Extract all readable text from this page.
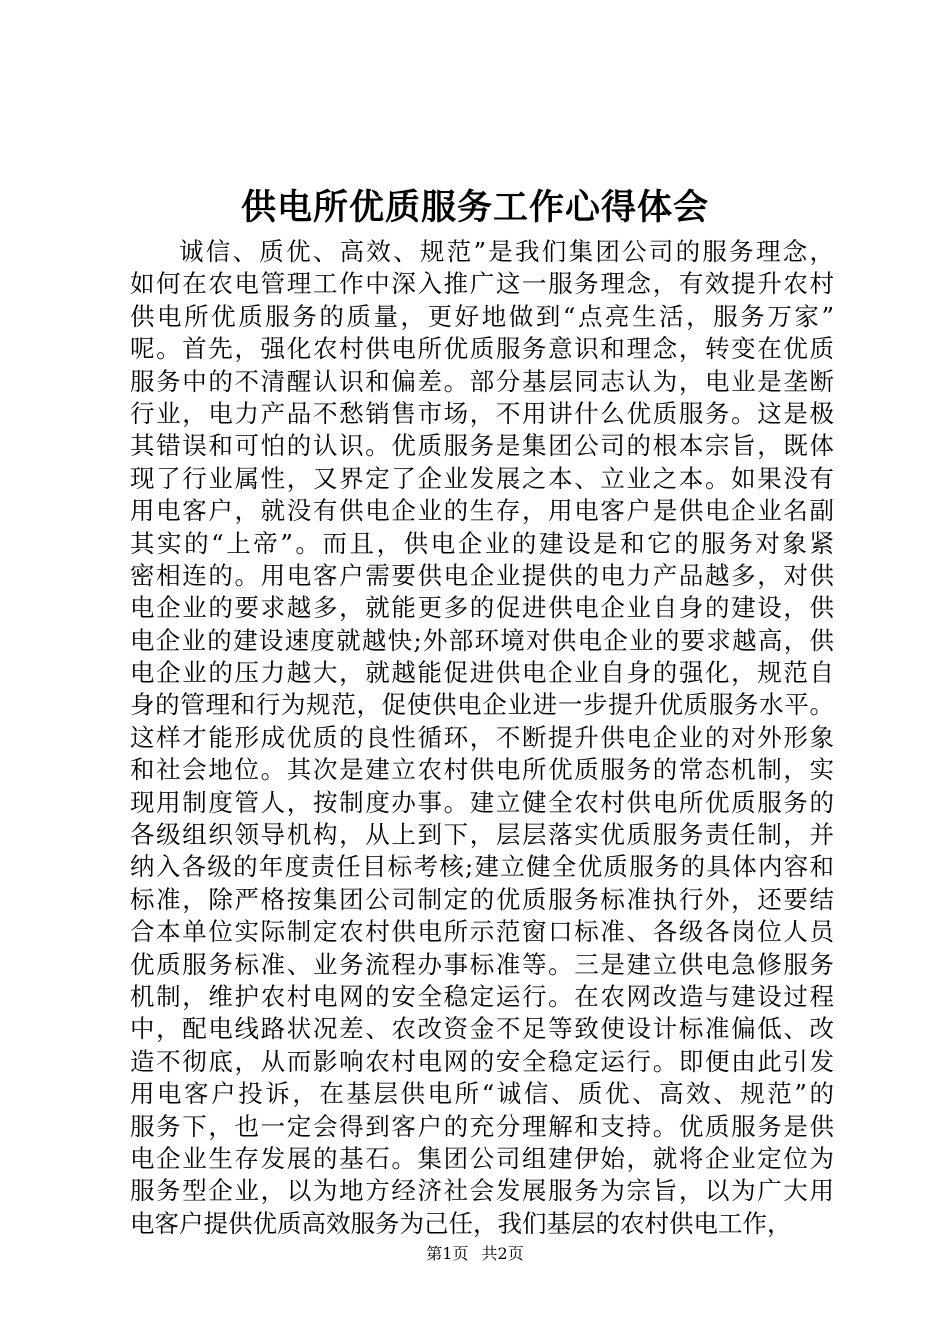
供电所优质服务工作心得体会
诚信、质优、高效、规范”是我们集团公司的服务理念，
如何在农电管理工作中深入推广这一服务理念，有效提升农村
供电所优质服务的质量，更好地做到“点亮生活，服务万家”
呢。首先，强化农村供电所优质服务意识和理念，转变在优质
服务中的不清醒认识和偏差。部分基层同志认为，电业是垄断
行业，电力产品不愁销售市场，不用讲什么优质服务。这是极
其错误和可怕的认识。优质服务是集团公司的根本宗旨，既体
现了行业属性，又界定了企业发展之本、立业之本。如果没有
用电客户，就没有供电企业的生存，用电客户是供电企业名副
其实的“上帝”。而且，供电企业的建设是和它的服务对象紧
密相连的。用电客户需要供电企业提供的电力产品越多，对供
电企业的要求越多，就能更多的促进供电企业自身的建设，供
电企业的建设速度就越快;外部环境对供电企业的要求越高，供
电企业的压力越大，就越能促进供电企业自身的强化，规范自
身的管理和行为规范，促使供电企业进一步提升优质服务水平。
这样才能形成优质的良性循环，不断提升供电企业的对外形象
和社会地位。其次是建立农村供电所优质服务的常态机制，实
现用制度管人，按制度办事。建立健全农村供电所优质服务的
各级组织领导机构，从上到下，层层落实优质服务责任制，并
纳入各级的年度责任目标考核;建立健全优质服务的具体内容和
标准，除严格按集团公司制定的优质服务标准执行外，还要结
合本单位实际制定农村供电所示范窗口标准、各级各岗位人员
优质服务标准、业务流程办事标准等。三是建立供电急修服务
机制，维护农村电网的安全稳定运行。在农网改造与建设过程
中，配电线路状况差、农改资金不足等致使设计标准偏低、改
造不彻底，从而影响农村电网的安全稳定运行。即便由此引发
用电客户投诉，在基层供电所“诚信、质优、高效、规范”的
服务下，也一定会得到客户的充分理解和支持。优质服务是供
电企业生存发展的基石。集团公司组建伊始，就将企业定位为
服务型企业，以为地方经济社会发展服务为宗旨，以为广大用
电客户提供优质高效服务为己任，我们基层的农村供电工作，
第1页 共2页
